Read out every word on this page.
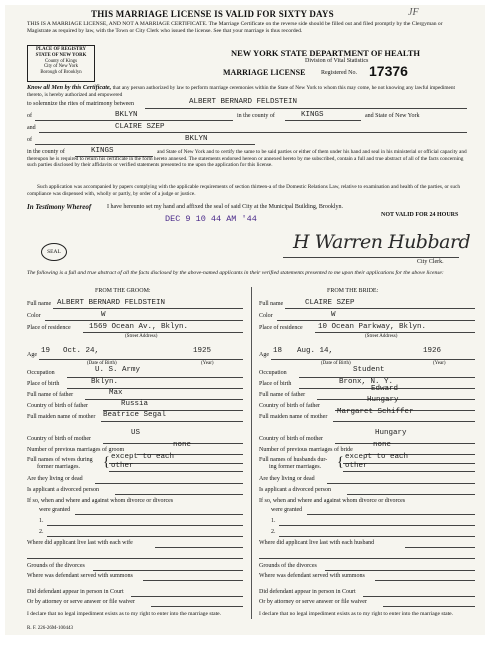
THIS MARRIAGE LICENSE IS VALID FOR SIXTY DAYS	JF
THIS IS A MARRIAGE LICENSE, AND NOT A MARRIAGE CERTIFICATE. The Marriage Certificate on the reverse side should be filled out and filed promptly by the Clergyman or Magistrate as required by law, with the Town or City Clerk who issued the license. See that your marriage is thus recorded.
PLACE OF REGISTRY STATE OF NEW YORK
County of Kings
City of New York
Borough of Brooklyn
NEW YORK STATE DEPARTMENT OF HEALTH
Division of Vital Statistics
MARRIAGE LICENSE	Registered No. 17376
Know all Men by this Certificate, that any person authorized by law to perform marriage ceremonies within the State of New York to whom this may come, he not knowing any lawful impediment thereto, is hereby authorized and empowered
to solemnize the rites of matrimony between	ALBERT BERNARD FELDSTEIN
of	BKLYN	in the county of	KINGS	and State of New York
and	CLAIRE SZEP
of	BKLYN
in the county of	KINGS	and State of New York and to certify the same to be said parties or either of them under his hand and seal in his ministerial or official capacity and thereupon he is required to return his certificate in the form hereto annexed. The statements endorsed hereon or annexed hereto by me subscribed, contain a full and true abstract of all of the facts concerning such parties disclosed by their affidavits or verified statements presented to me upon the application for this license.
Such application was accompanied by papers complying with the applicable requirements of section thirteen-a of the Domestic Relations Law, relative to examination and health of the parties, or such compliance was dispensed with, wholly or partly, by order of a judge or justice.
In Testimony Whereof	I have hereunto set my hand and affixed the seal of said City at the Municipal Building, Brooklyn.
NOT VALID FOR 24 HOURS
DEC 9 10 44 AM '44
SEAL	H Warren Hubbard
City Clerk.
The following is a full and true abstract of all the facts disclosed by the above-named applicants in their verified statements presented to me upon their applications for the above license:
FROM THE GROOM:	FROM THE BRIDE:
Full name ALBERT BERNARD FELDSTEIN
Color	W
Place of residence 1569 Ocean Av., Bklyn.
(Street Address)
Age 19 Oct. 24,	1925
(Date of Birth)	(Year)
Occupation	U. S. Army
Place of birth	Bklyn.
Full name of father	Max
Country of birth of father	Russia
Full maiden name of mother Beatrice Segal
Country of birth of mother
US
Number of previous marriages of groom
none
Full names of wives during
former marriages. { except to each
other
Are they living or dead
Is applicant a divorced person
If so, when and where and against whom divorce or divorces
were granted
1.
2.
Where did applicant live last with each wife
Grounds of the divorces
Where was defendant served with summons
Did defendant appear in person in Court
Or by attorney or serve answer or file waiver
I declare that no legal impediment exists as to my right to enter into the marriage state.
Full name	CLAIRE SZEP
Color	W
Place of residence 10 Ocean Parkway, Bklyn.
(Street Address)
Age 18 Aug. 14,	1926
(Date of Birth)	(Year)
Occupation	Student
Place of birth	Bronx, N. Y.
Full name of father
Edward
Country of birth of father
Hungary
Full maiden name of mother
Margaret Schiffer
Country of birth of mother
Hungary
Number of previous marriages of bride
none
Full names of husbands dur-
ing former marriages. { except to each
other
Are they living or dead
Is applicant a divorced person
If so, when and where and against whom divorce or divorces
were granted
1.
2.
Where did applicant live last with each husband
Grounds of the divorces
Where was defendant served with summons
Did defendant appear in person in Court
Or by attorney or serve answer or file waiver
I declare that no legal impediment exists as to my right to enter into the marriage state.
R. F. 226-26M-100443
